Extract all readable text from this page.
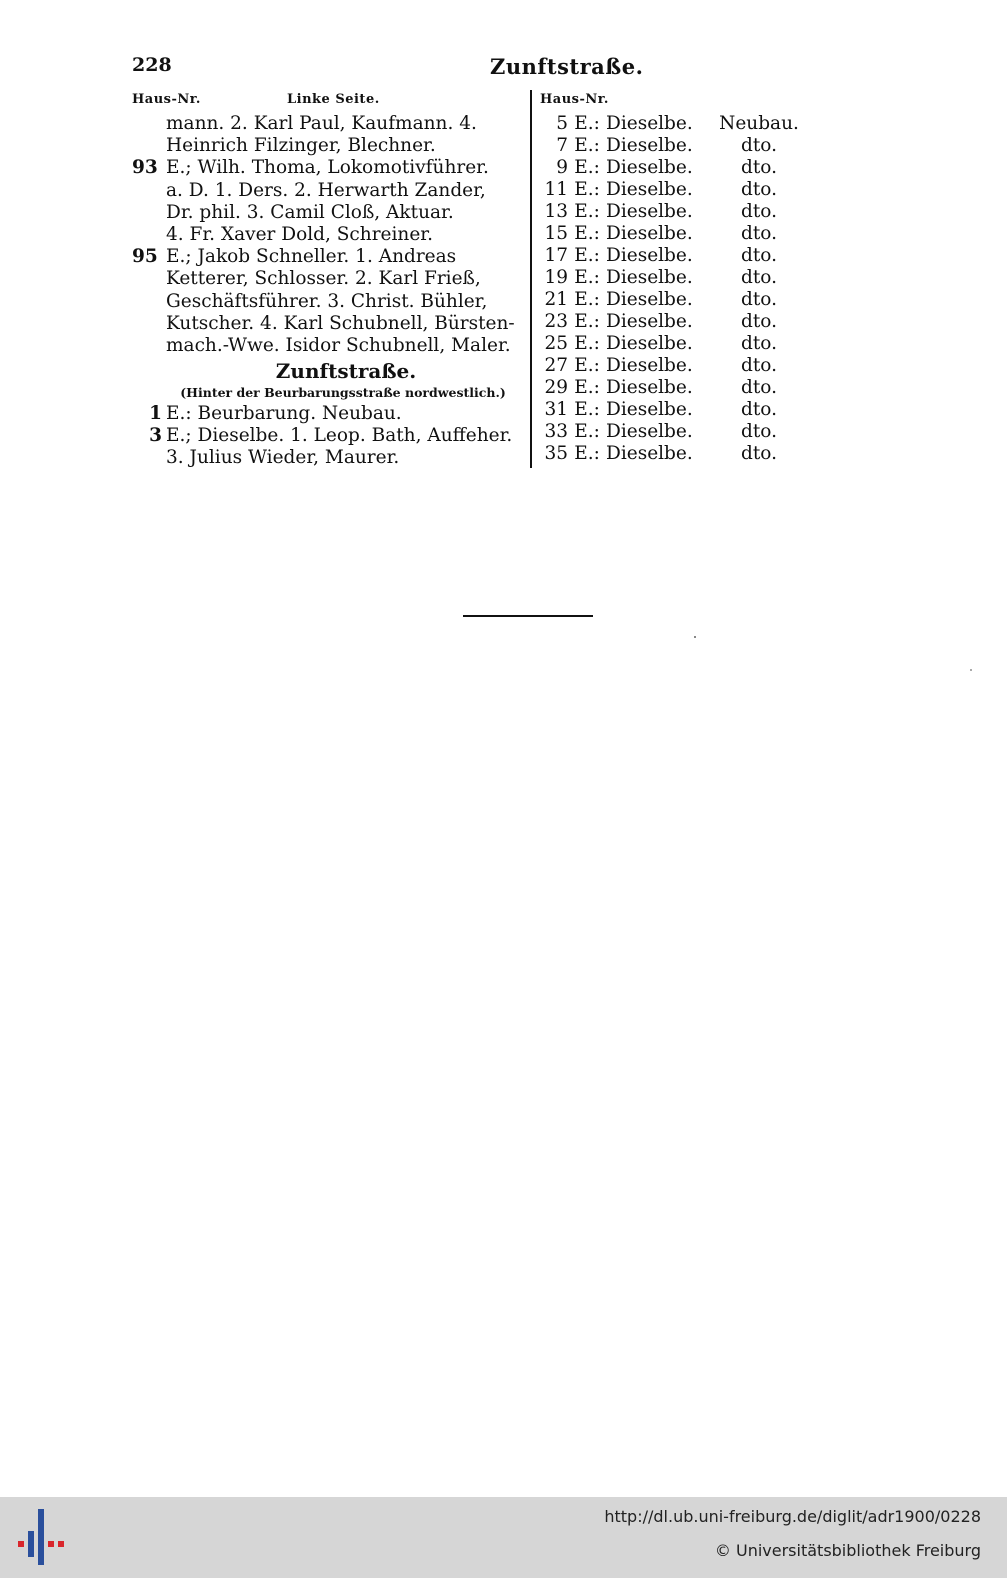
228	Zunftstraße.
Haus-Nr.	Linke Seite.	Haus-Nr.
mann. 2. Karl Paul, Kaufmann. 4.
Heinrich Filzinger, Blechner.
93 E.; Wilh. Thoma, Lokomotivführer.
a. D. 1. Ders. 2. Herwarth Zander,
Dr. phil. 3. Camil Cloß, Aktuar.
4. Fr. Xaver Dold, Schreiner.
95 E.; Jakob Schneller. 1. Andreas
Ketterer, Schlosser. 2. Karl Frieß,
Geschäftsführer. 3. Christ. Bühler,
Kutscher. 4. Karl Schubnell, Bürsten-
mach.-Wwe. Isidor Schubnell, Maler.
Zunftstraße.
(Hinter der Beurbarungsstraße nordwestlich.)
1 E.: Beurbarung. Neubau.
3 E.; Dieselbe. 1. Leop. Bath, Auffeher.
3. Julius Wieder, Maurer.
5 E.: Dieselbe.	Neubau.
7 E.: Dieselbe.	dto.
9 E.: Dieselbe.	dto.
11 E.: Dieselbe.	dto.
13 E.: Dieselbe.	dto.
15 E.: Dieselbe.	dto.
17 E.: Dieselbe.	dto.
19 E.: Dieselbe.	dto.
21 E.: Dieselbe.	dto.
23 E.: Dieselbe.	dto.
25 E.: Dieselbe.	dto.
27 E.: Dieselbe.	dto.
29 E.: Dieselbe.	dto.
31 E.: Dieselbe.	dto.
33 E.: Dieselbe.	dto.
35 E.: Dieselbe.	dto.
http://dl.ub.uni-freiburg.de/diglit/adr1900/0228
© Universitätsbibliothek Freiburg
